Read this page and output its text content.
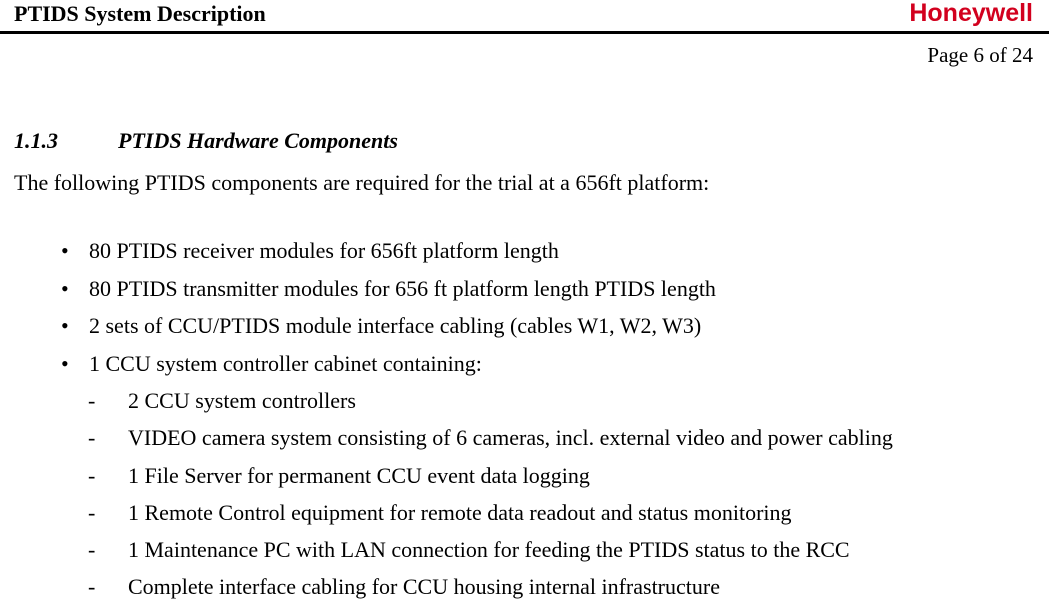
PTIDS System Description	Honeywell
Page 6 of 24
1.1.3	PTIDS Hardware Components
The following PTIDS components are required for the trial at a 656ft platform:
• 80 PTIDS receiver modules for 656ft platform length
• 80 PTIDS transmitter modules for 656 ft platform length PTIDS length
• 2 sets of CCU/PTIDS module interface cabling (cables W1, W2, W3)
• 1 CCU system controller cabinet containing:
- 2 CCU system controllers
- VIDEO camera system consisting of 6 cameras, incl. external video and power cabling
- 1 File Server for permanent CCU event data logging
- 1 Remote Control equipment for remote data readout and status monitoring
- 1 Maintenance PC with LAN connection for feeding the PTIDS status to the RCC
- Complete interface cabling for CCU housing internal infrastructure
